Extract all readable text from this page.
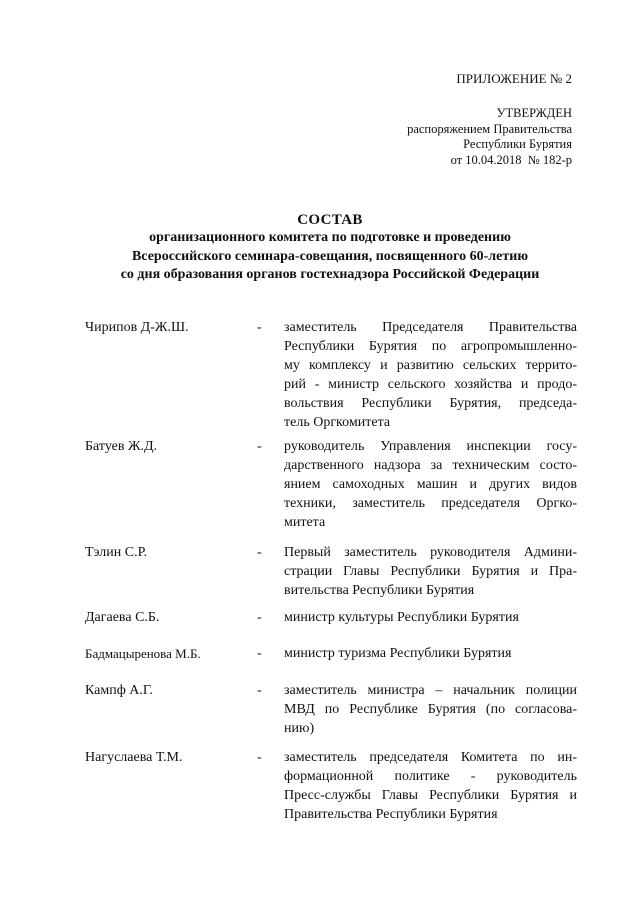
ПРИЛОЖЕНИЕ № 2
УТВЕРЖДЕН
распоряжением Правительства
Республики Бурятия
от 10.04.2018  № 182-р
СОСТАВ
организационного комитета по подготовке и проведению
Всероссийского семинара-совещания, посвященного 60-летию
со дня образования органов гостехнадзора Российской Федерации
Чирипов Д-Ж.Ш.	-	заместитель Председателя Правительства
Республики Бурятия по агропромышленно-
му комплексу и развитию сельских террито-
рий - министр сельского хозяйства и продо-
вольствия Республики Бурятия, председа-
тель Оргкомитета
Батуев Ж.Д.	-	руководитель Управления инспекции госу-
дарственного надзора за техническим состо-
янием самоходных машин и других видов
техники, заместитель председателя Оргко-
митета
Тэлин С.Р.	-	Первый заместитель руководителя Админи-
страции Главы Республики Бурятия и Пра-
вительства Республики Бурятия
Дагаева С.Б.	-	министр культуры Республики Бурятия
Бадмацыренова М.Б.	-	министр туризма Республики Бурятия
Кампф А.Г.	-	заместитель министра – начальник полиции
МВД по Республике Бурятия (по согласова-
нию)
Нагуслаева Т.М.	-	заместитель председателя Комитета по ин-
формационной политике - руководитель
Пресс-службы Главы Республики Бурятия и
Правительства Республики Бурятия
